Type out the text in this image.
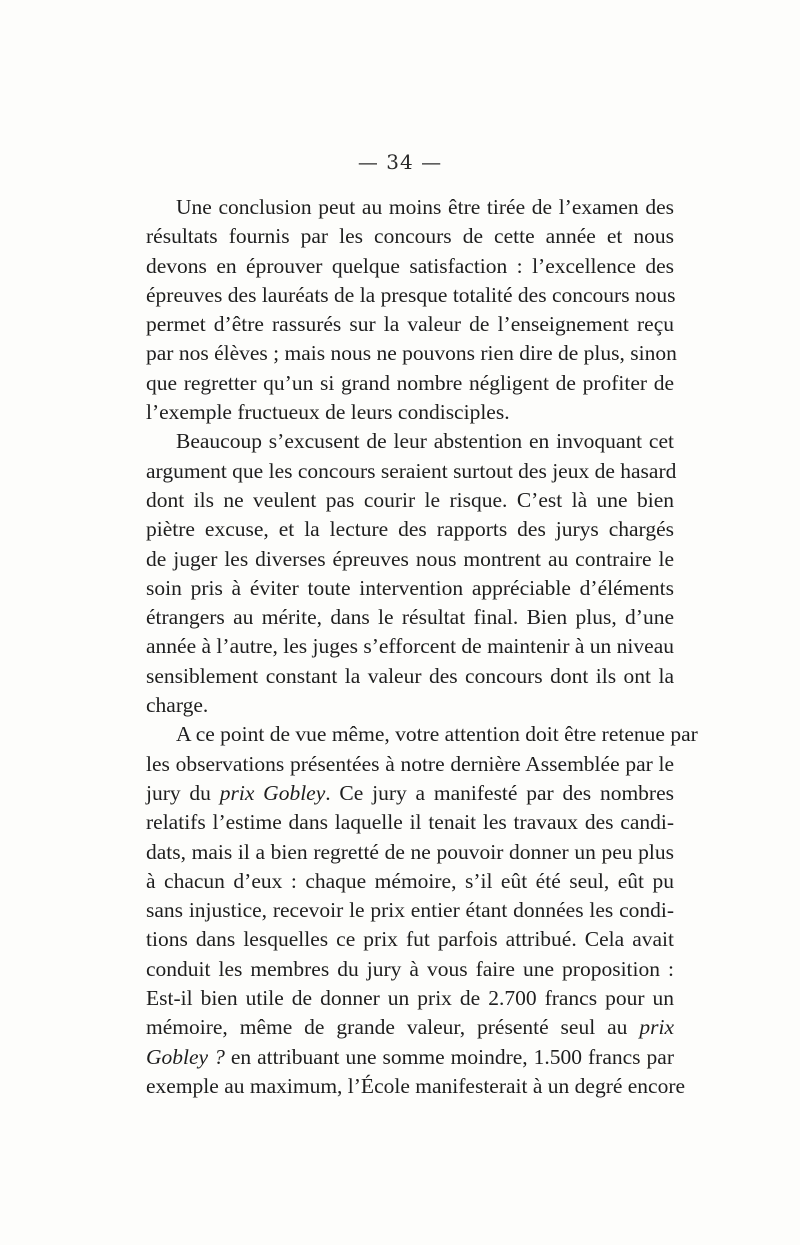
— 34 —
Une conclusion peut au moins être tirée de l’examen des
résultats fournis par les concours de cette année et nous
devons en éprouver quelque satisfaction : l’excellence des
épreuves des lauréats de la presque totalité des concours nous
permet d’être rassurés sur la valeur de l’enseignement reçu
par nos élèves ; mais nous ne pouvons rien dire de plus, sinon
que regretter qu’un si grand nombre négligent de profiter de
l’exemple fructueux de leurs condisciples.
Beaucoup s’excusent de leur abstention en invoquant cet
argument que les concours seraient surtout des jeux de hasard
dont ils ne veulent pas courir le risque. C’est là une bien
piètre excuse, et la lecture des rapports des jurys chargés
de juger les diverses épreuves nous montrent au contraire le
soin pris à éviter toute intervention appréciable d’éléments
étrangers au mérite, dans le résultat final. Bien plus, d’une
année à l’autre, les juges s’efforcent de maintenir à un niveau
sensiblement constant la valeur des concours dont ils ont la
charge.
A ce point de vue même, votre attention doit être retenue par
les observations présentées à notre dernière Assemblée par le
jury du prix Gobley. Ce jury a manifesté par des nombres
relatifs l’estime dans laquelle il tenait les travaux des candi-
dats, mais il a bien regretté de ne pouvoir donner un peu plus
à chacun d’eux : chaque mémoire, s’il eût été seul, eût pu
sans injustice, recevoir le prix entier étant données les condi-
tions dans lesquelles ce prix fut parfois attribué. Cela avait
conduit les membres du jury à vous faire une proposition :
Est-il bien utile de donner un prix de 2.700 francs pour un
mémoire, même de grande valeur, présenté seul au prix
Gobley ? en attribuant une somme moindre, 1.500 francs par
exemple au maximum, l’École manifesterait à un degré encore
